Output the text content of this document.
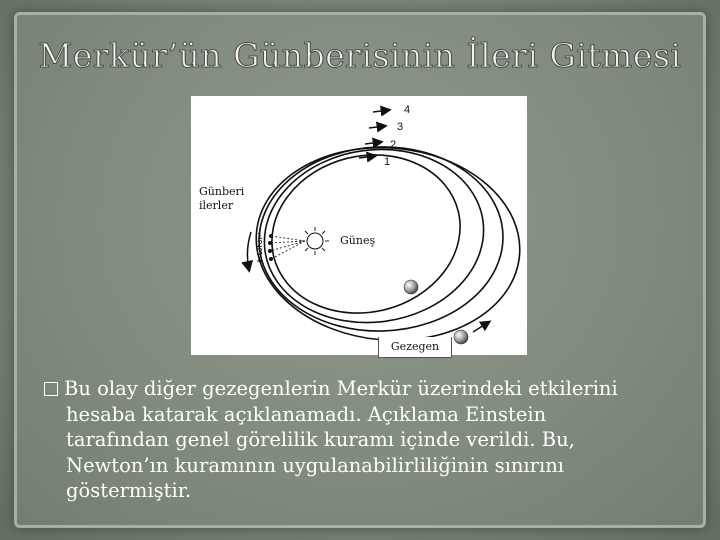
Merkür’ün Günberisinin İleri Gitmesi
4
3
2
1
1
2
3
4
Günberi
ilerler
Güneş
Gezegen
Bu olay diğer gezegenlerin Merkür üzerindeki etkilerini
hesaba katarak açıklanamadı. Açıklama Einstein
tarafından genel görelilik kuramı içinde verildi. Bu,
Newton’ın kuramının uygulanabilirliliğinin sınırını
göstermiştir.
